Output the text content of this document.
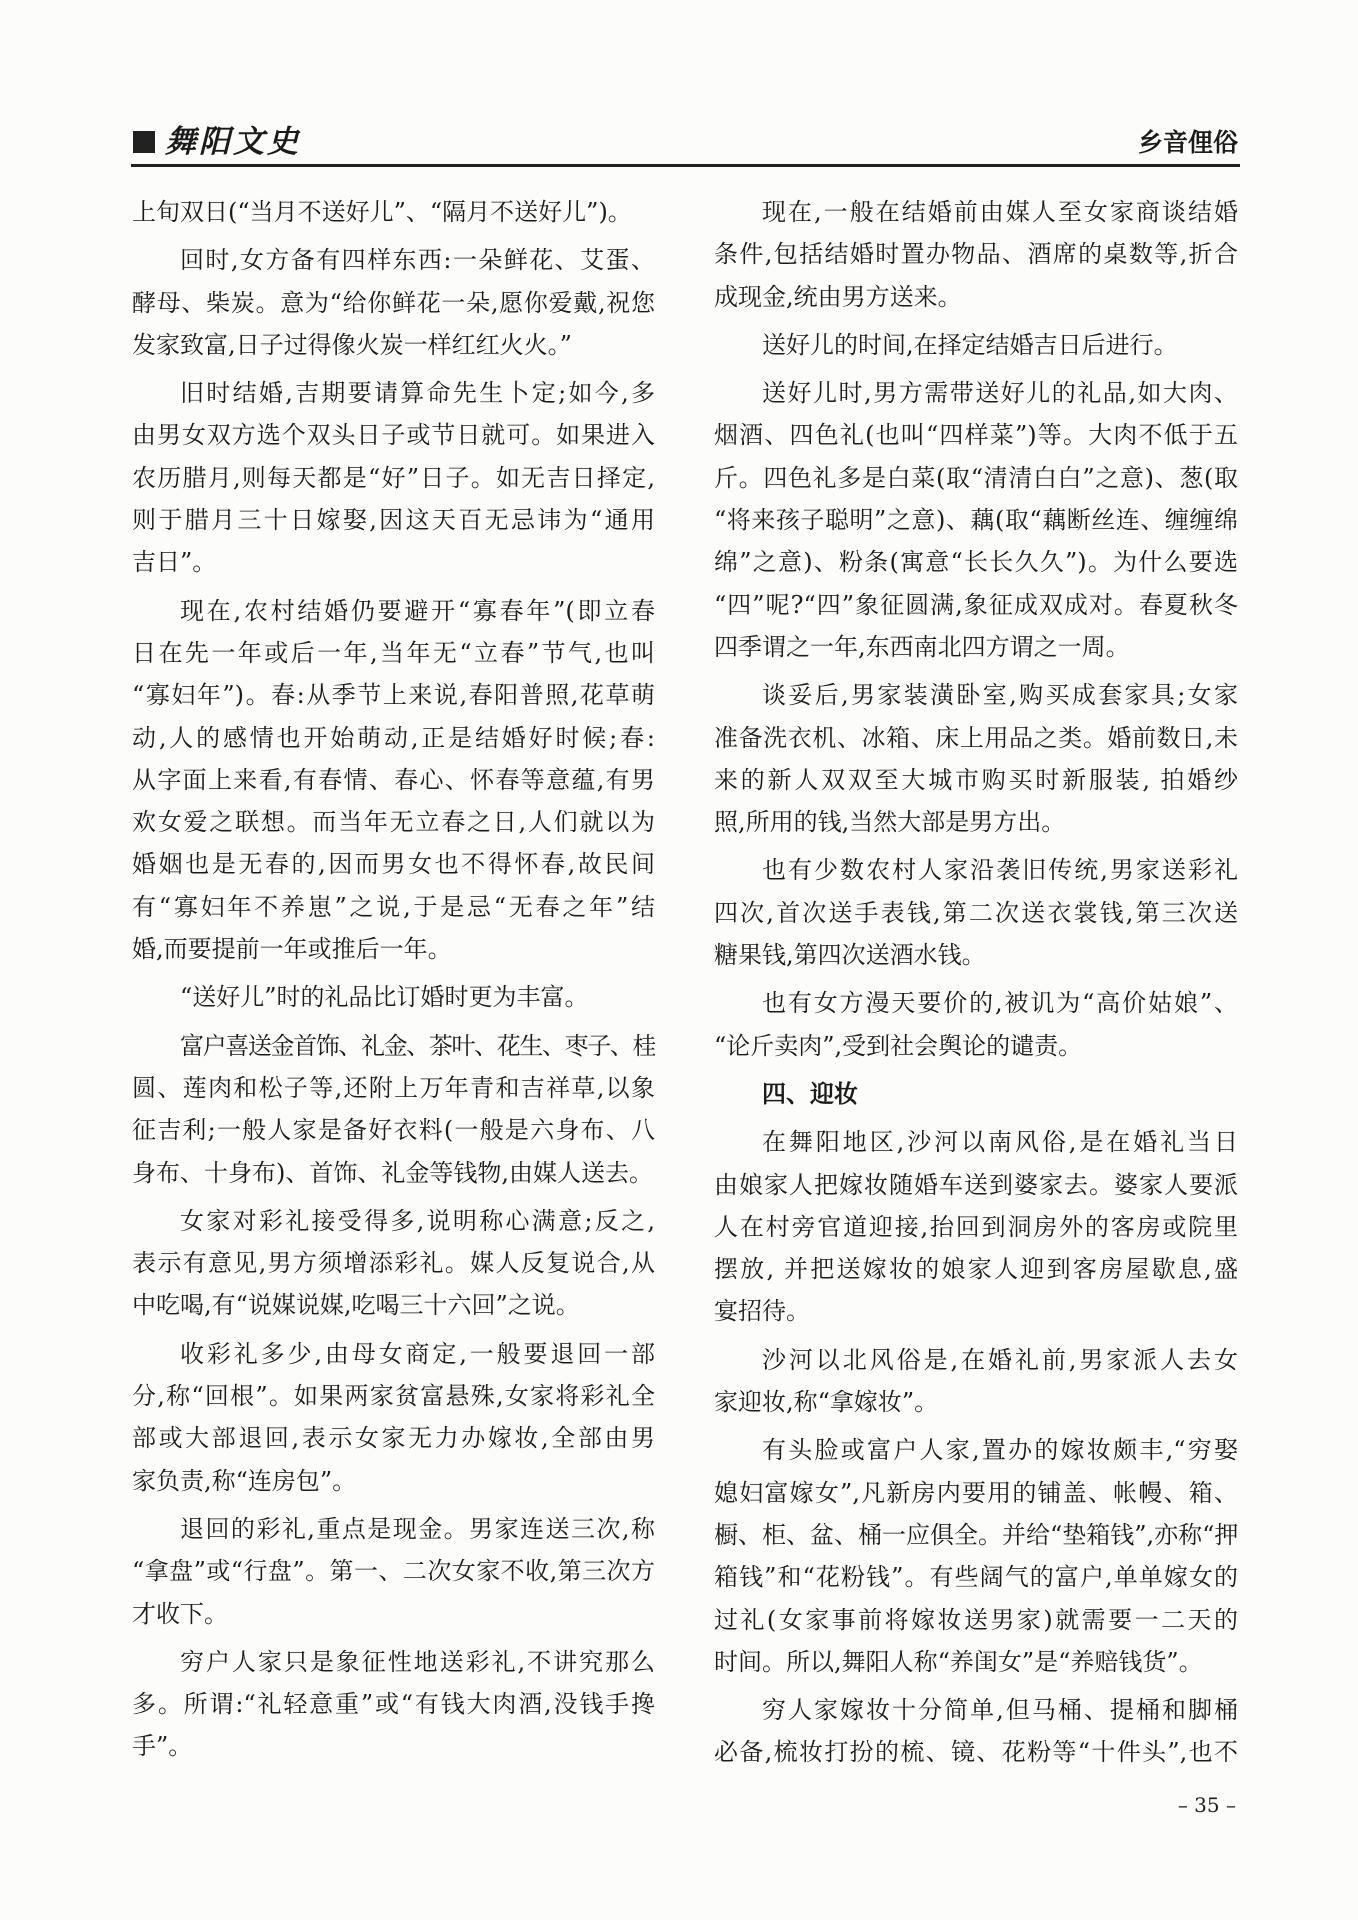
舞阳文史	乡音俚俗

上旬双日(“当月不送好儿”、“隔月不送好儿”)。

回时,女方备有四样东西:一朵鲜花、艾蛋、
酵母、柴炭。意为“给你鲜花一朵,愿你爱戴,祝您
发家致富,日子过得像火炭一样红红火火。”

旧时结婚,吉期要请算命先生卜定;如今,多
由男女双方选个双头日子或节日就可。如果进入
农历腊月,则每天都是“好”日子。如无吉日择定,
则于腊月三十日嫁娶,因这天百无忌讳为“通用
吉日”。

现在,农村结婚仍要避开“寡春年”(即立春
日在先一年或后一年,当年无“立春”节气,也叫
“寡妇年”)。春:从季节上来说,春阳普照,花草萌
动,人的感情也开始萌动,正是结婚好时候;春:
从字面上来看,有春情、春心、怀春等意蕴,有男
欢女爱之联想。而当年无立春之日,人们就以为
婚姻也是无春的,因而男女也不得怀春,故民间
有“寡妇年不养崽”之说,于是忌“无春之年”结
婚,而要提前一年或推后一年。

“送好儿”时的礼品比订婚时更为丰富。

富户喜送金首饰、礼金、茶叶、花生、枣子、桂
圆、莲肉和松子等,还附上万年青和吉祥草,以象
征吉利;一般人家是备好衣料(一般是六身布、八
身布、十身布)、首饰、礼金等钱物,由媒人送去。

女家对彩礼接受得多,说明称心满意;反之,
表示有意见,男方须增添彩礼。媒人反复说合,从
中吃喝,有“说媒说媒,吃喝三十六回”之说。

收彩礼多少,由母女商定,一般要退回一部
分,称“回根”。如果两家贫富悬殊,女家将彩礼全
部或大部退回,表示女家无力办嫁妆,全部由男
家负责,称“连房包”。

退回的彩礼,重点是现金。男家连送三次,称
“拿盘”或“行盘”。第一、二次女家不收,第三次方
才收下。

穷户人家只是象征性地送彩礼,不讲究那么
多。所谓:“礼轻意重”或“有钱大肉酒,没钱手搀
手”。

现在,一般在结婚前由媒人至女家商谈结婚
条件,包括结婚时置办物品、酒席的桌数等,折合
成现金,统由男方送来。

送好儿的时间,在择定结婚吉日后进行。

送好儿时,男方需带送好儿的礼品,如大肉、
烟酒、四色礼(也叫“四样菜”)等。大肉不低于五
斤。四色礼多是白菜(取“清清白白”之意)、葱(取
“将来孩子聪明”之意)、藕(取“藕断丝连、缠缠绵
绵”之意)、粉条(寓意“长长久久”)。为什么要选
“四”呢?“四”象征圆满,象征成双成对。春夏秋冬
四季谓之一年,东西南北四方谓之一周。

谈妥后,男家装潢卧室,购买成套家具;女家
准备洗衣机、冰箱、床上用品之类。婚前数日,未
来的新人双双至大城市购买时新服装, 拍婚纱
照,所用的钱,当然大部是男方出。

也有少数农村人家沿袭旧传统,男家送彩礼
四次,首次送手表钱,第二次送衣裳钱,第三次送
糖果钱,第四次送酒水钱。

也有女方漫天要价的,被讥为“高价姑娘”、
“论斤卖肉”,受到社会舆论的谴责。

四、迎妆

在舞阳地区,沙河以南风俗,是在婚礼当日
由娘家人把嫁妆随婚车送到婆家去。婆家人要派
人在村旁官道迎接,抬回到洞房外的客房或院里
摆放, 并把送嫁妆的娘家人迎到客房屋歇息,盛
宴招待。

沙河以北风俗是,在婚礼前,男家派人去女
家迎妆,称“拿嫁妆”。

有头脸或富户人家,置办的嫁妆颇丰,“穷娶
媳妇富嫁女”,凡新房内要用的铺盖、帐幔、箱、
橱、柜、盆、桶一应俱全。并给“垫箱钱”,亦称“押
箱钱”和“花粉钱”。有些阔气的富户,单单嫁女的
过礼(女家事前将嫁妆送男家)就需要一二天的
时间。所以,舞阳人称“养闺女”是“养赔钱货”。

穷人家嫁妆十分简单,但马桶、提桶和脚桶
必备,梳妆打扮的梳、镜、花粉等“十件头”,也不

– 35 –
